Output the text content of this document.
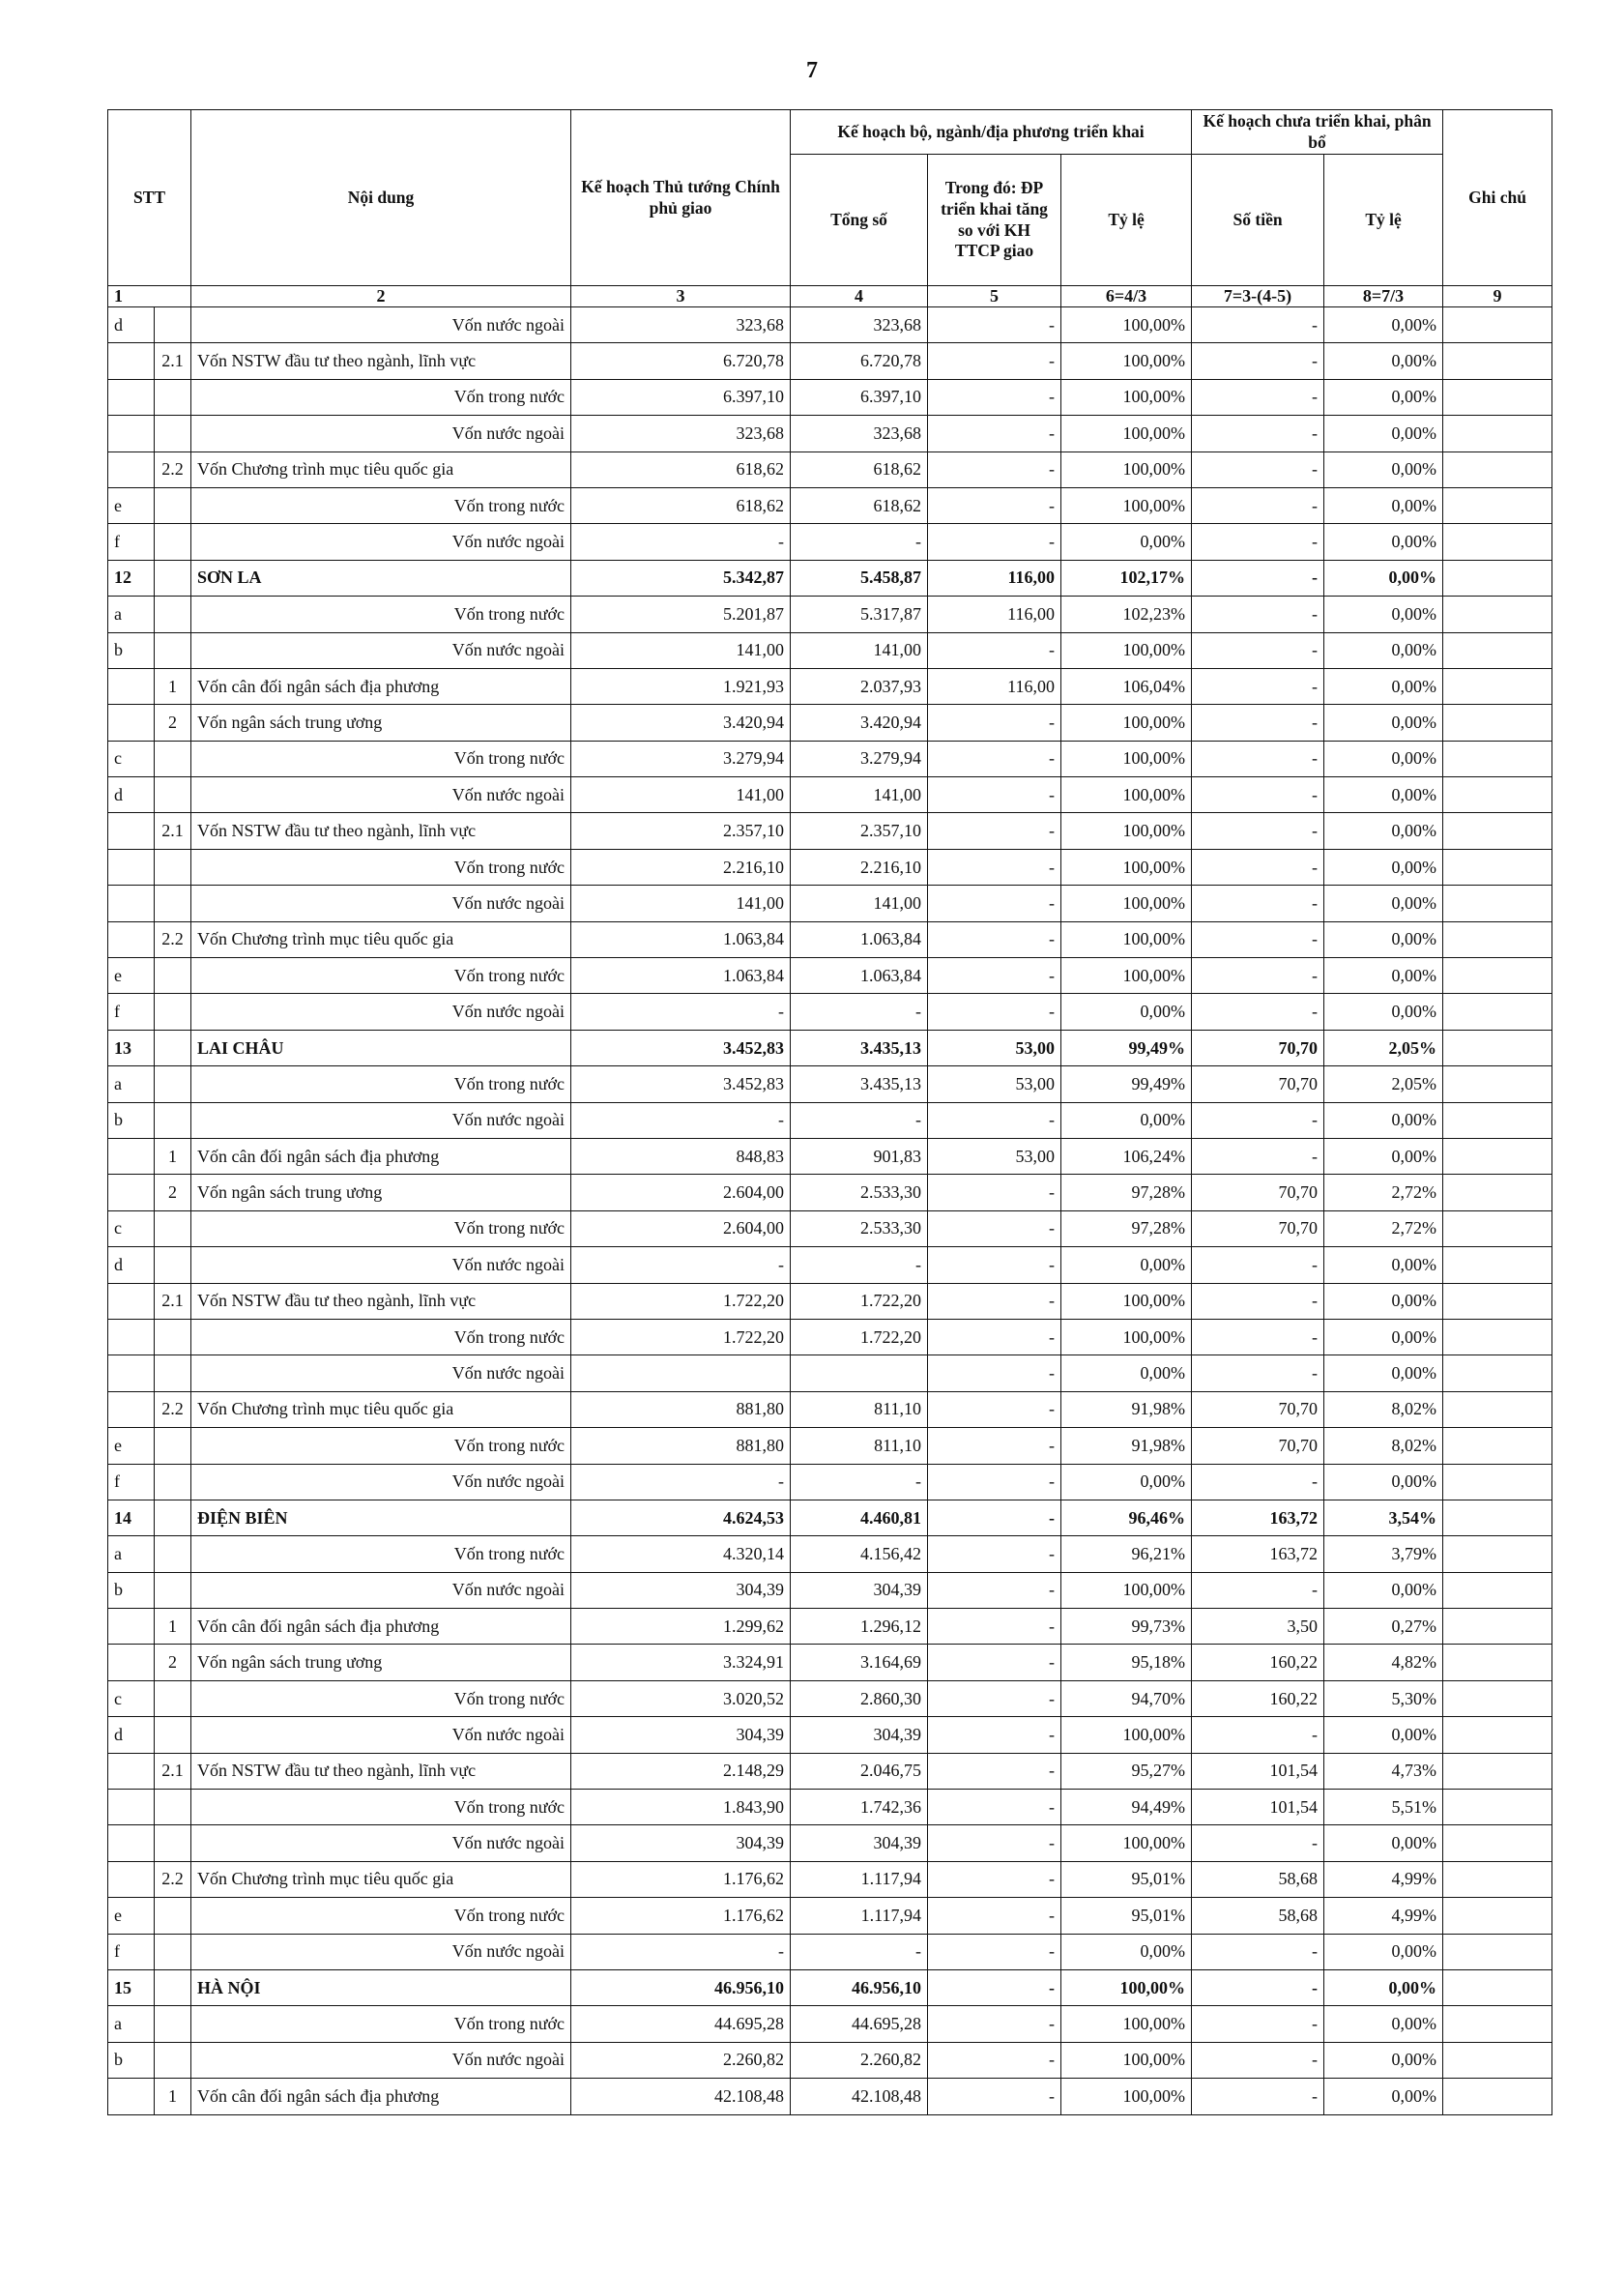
7
STT		Nội dung	Kế hoạch Thủ tướng Chính phủ giao	Kế hoạch bộ, ngành/địa phương triển khai			Kế hoạch chưa triển khai, phân bổ		Ghi chú
				Tổng số	Trong đó: ĐP triển khai tăng so với KH TTCP giao	Tỷ lệ	Số tiền	Tỷ lệ	
1		2	3	4	5	6=4/3	7=3-(4-5)	8=7/3	9
d		Vốn nước ngoài	323,68	323,68	-	100,00%	-	0,00%	
	2.1	Vốn NSTW đầu tư theo ngành, lĩnh vực	6.720,78	6.720,78	-	100,00%	-	0,00%	
		Vốn trong nước	6.397,10	6.397,10	-	100,00%	-	0,00%	
		Vốn nước ngoài	323,68	323,68	-	100,00%	-	0,00%	
	2.2	Vốn Chương trình mục tiêu quốc gia	618,62	618,62	-	100,00%	-	0,00%	
e		Vốn trong nước	618,62	618,62	-	100,00%	-	0,00%	
f		Vốn nước ngoài	-	-	-	0,00%	-	0,00%	
12		SƠN LA	5.342,87	5.458,87	116,00	102,17%	-	0,00%	
a		Vốn trong nước	5.201,87	5.317,87	116,00	102,23%	-	0,00%	
b		Vốn nước ngoài	141,00	141,00	-	100,00%	-	0,00%	
	1	Vốn cân đối ngân sách địa phương	1.921,93	2.037,93	116,00	106,04%	-	0,00%	
	2	Vốn ngân sách trung ương	3.420,94	3.420,94	-	100,00%	-	0,00%	
c		Vốn trong nước	3.279,94	3.279,94	-	100,00%	-	0,00%	
d		Vốn nước ngoài	141,00	141,00	-	100,00%	-	0,00%	
	2.1	Vốn NSTW đầu tư theo ngành, lĩnh vực	2.357,10	2.357,10	-	100,00%	-	0,00%	
		Vốn trong nước	2.216,10	2.216,10	-	100,00%	-	0,00%	
		Vốn nước ngoài	141,00	141,00	-	100,00%	-	0,00%	
	2.2	Vốn Chương trình mục tiêu quốc gia	1.063,84	1.063,84	-	100,00%	-	0,00%	
e		Vốn trong nước	1.063,84	1.063,84	-	100,00%	-	0,00%	
f		Vốn nước ngoài	-	-	-	0,00%	-	0,00%	
13		LAI CHÂU	3.452,83	3.435,13	53,00	99,49%	70,70	2,05%	
a		Vốn trong nước	3.452,83	3.435,13	53,00	99,49%	70,70	2,05%	
b		Vốn nước ngoài	-	-	-	0,00%	-	0,00%	
	1	Vốn cân đối ngân sách địa phương	848,83	901,83	53,00	106,24%	-	0,00%	
	2	Vốn ngân sách trung ương	2.604,00	2.533,30	-	97,28%	70,70	2,72%	
c		Vốn trong nước	2.604,00	2.533,30	-	97,28%	70,70	2,72%	
d		Vốn nước ngoài	-	-	-	0,00%	-	0,00%	
	2.1	Vốn NSTW đầu tư theo ngành, lĩnh vực	1.722,20	1.722,20	-	100,00%	-	0,00%	
		Vốn trong nước	1.722,20	1.722,20	-	100,00%	-	0,00%	
		Vốn nước ngoài			-	0,00%	-	0,00%	
	2.2	Vốn Chương trình mục tiêu quốc gia	881,80	811,10	-	91,98%	70,70	8,02%	
e		Vốn trong nước	881,80	811,10	-	91,98%	70,70	8,02%	
f		Vốn nước ngoài	-	-	-	0,00%	-	0,00%	
14		ĐIỆN BIÊN	4.624,53	4.460,81	-	96,46%	163,72	3,54%	
a		Vốn trong nước	4.320,14	4.156,42	-	96,21%	163,72	3,79%	
b		Vốn nước ngoài	304,39	304,39	-	100,00%	-	0,00%	
	1	Vốn cân đối ngân sách địa phương	1.299,62	1.296,12	-	99,73%	3,50	0,27%	
	2	Vốn ngân sách trung ương	3.324,91	3.164,69	-	95,18%	160,22	4,82%	
c		Vốn trong nước	3.020,52	2.860,30	-	94,70%	160,22	5,30%	
d		Vốn nước ngoài	304,39	304,39	-	100,00%	-	0,00%	
	2.1	Vốn NSTW đầu tư theo ngành, lĩnh vực	2.148,29	2.046,75	-	95,27%	101,54	4,73%	
		Vốn trong nước	1.843,90	1.742,36	-	94,49%	101,54	5,51%	
		Vốn nước ngoài	304,39	304,39	-	100,00%	-	0,00%	
	2.2	Vốn Chương trình mục tiêu quốc gia	1.176,62	1.117,94	-	95,01%	58,68	4,99%	
e		Vốn trong nước	1.176,62	1.117,94	-	95,01%	58,68	4,99%	
f		Vốn nước ngoài	-	-	-	0,00%	-	0,00%	
15		HÀ NỘI	46.956,10	46.956,10	-	100,00%	-	0,00%	
a		Vốn trong nước	44.695,28	44.695,28	-	100,00%	-	0,00%	
b		Vốn nước ngoài	2.260,82	2.260,82	-	100,00%	-	0,00%	
	1	Vốn cân đối ngân sách địa phương	42.108,48	42.108,48	-	100,00%	-	0,00%	
